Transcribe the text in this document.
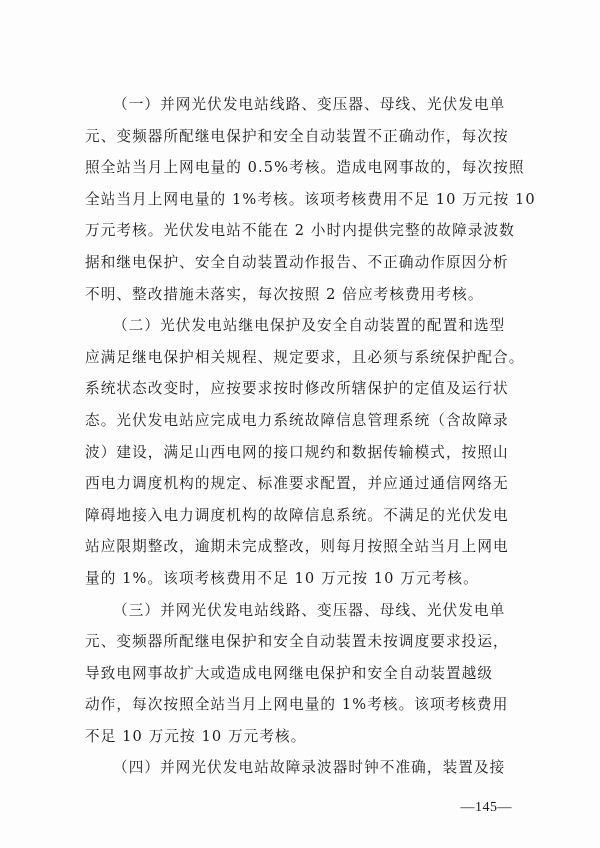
（一）并网光伏发电站线路、变压器、母线、光伏发电单
元、变频器所配继电保护和安全自动装置不正确动作，每次按
照全站当月上网电量的 0.5%考核。造成电网事故的，每次按照
全站当月上网电量的 1%考核。该项考核费用不足 10 万元按 10
万元考核。光伏发电站不能在 2 小时内提供完整的故障录波数
据和继电保护、安全自动装置动作报告、不正确动作原因分析
不明、整改措施未落实，每次按照 2 倍应考核费用考核。
（二）光伏发电站继电保护及安全自动装置的配置和选型
应满足继电保护相关规程、规定要求，且必须与系统保护配合。
系统状态改变时，应按要求按时修改所辖保护的定值及运行状
态。光伏发电站应完成电力系统故障信息管理系统（含故障录
波）建设，满足山西电网的接口规约和数据传输模式，按照山
西电力调度机构的规定、标准要求配置，并应通过通信网络无
障碍地接入电力调度机构的故障信息系统。不满足的光伏发电
站应限期整改，逾期未完成整改，则每月按照全站当月上网电
量的 1%。该项考核费用不足 10 万元按 10 万元考核。
（三）并网光伏发电站线路、变压器、母线、光伏发电单
元、变频器所配继电保护和安全自动装置未按调度要求投运，
导致电网事故扩大或造成电网继电保护和安全自动装置越级
动作，每次按照全站当月上网电量的 1%考核。该项考核费用
不足 10 万元按 10 万元考核。
（四）并网光伏发电站故障录波器时钟不准确，装置及接
—145—
